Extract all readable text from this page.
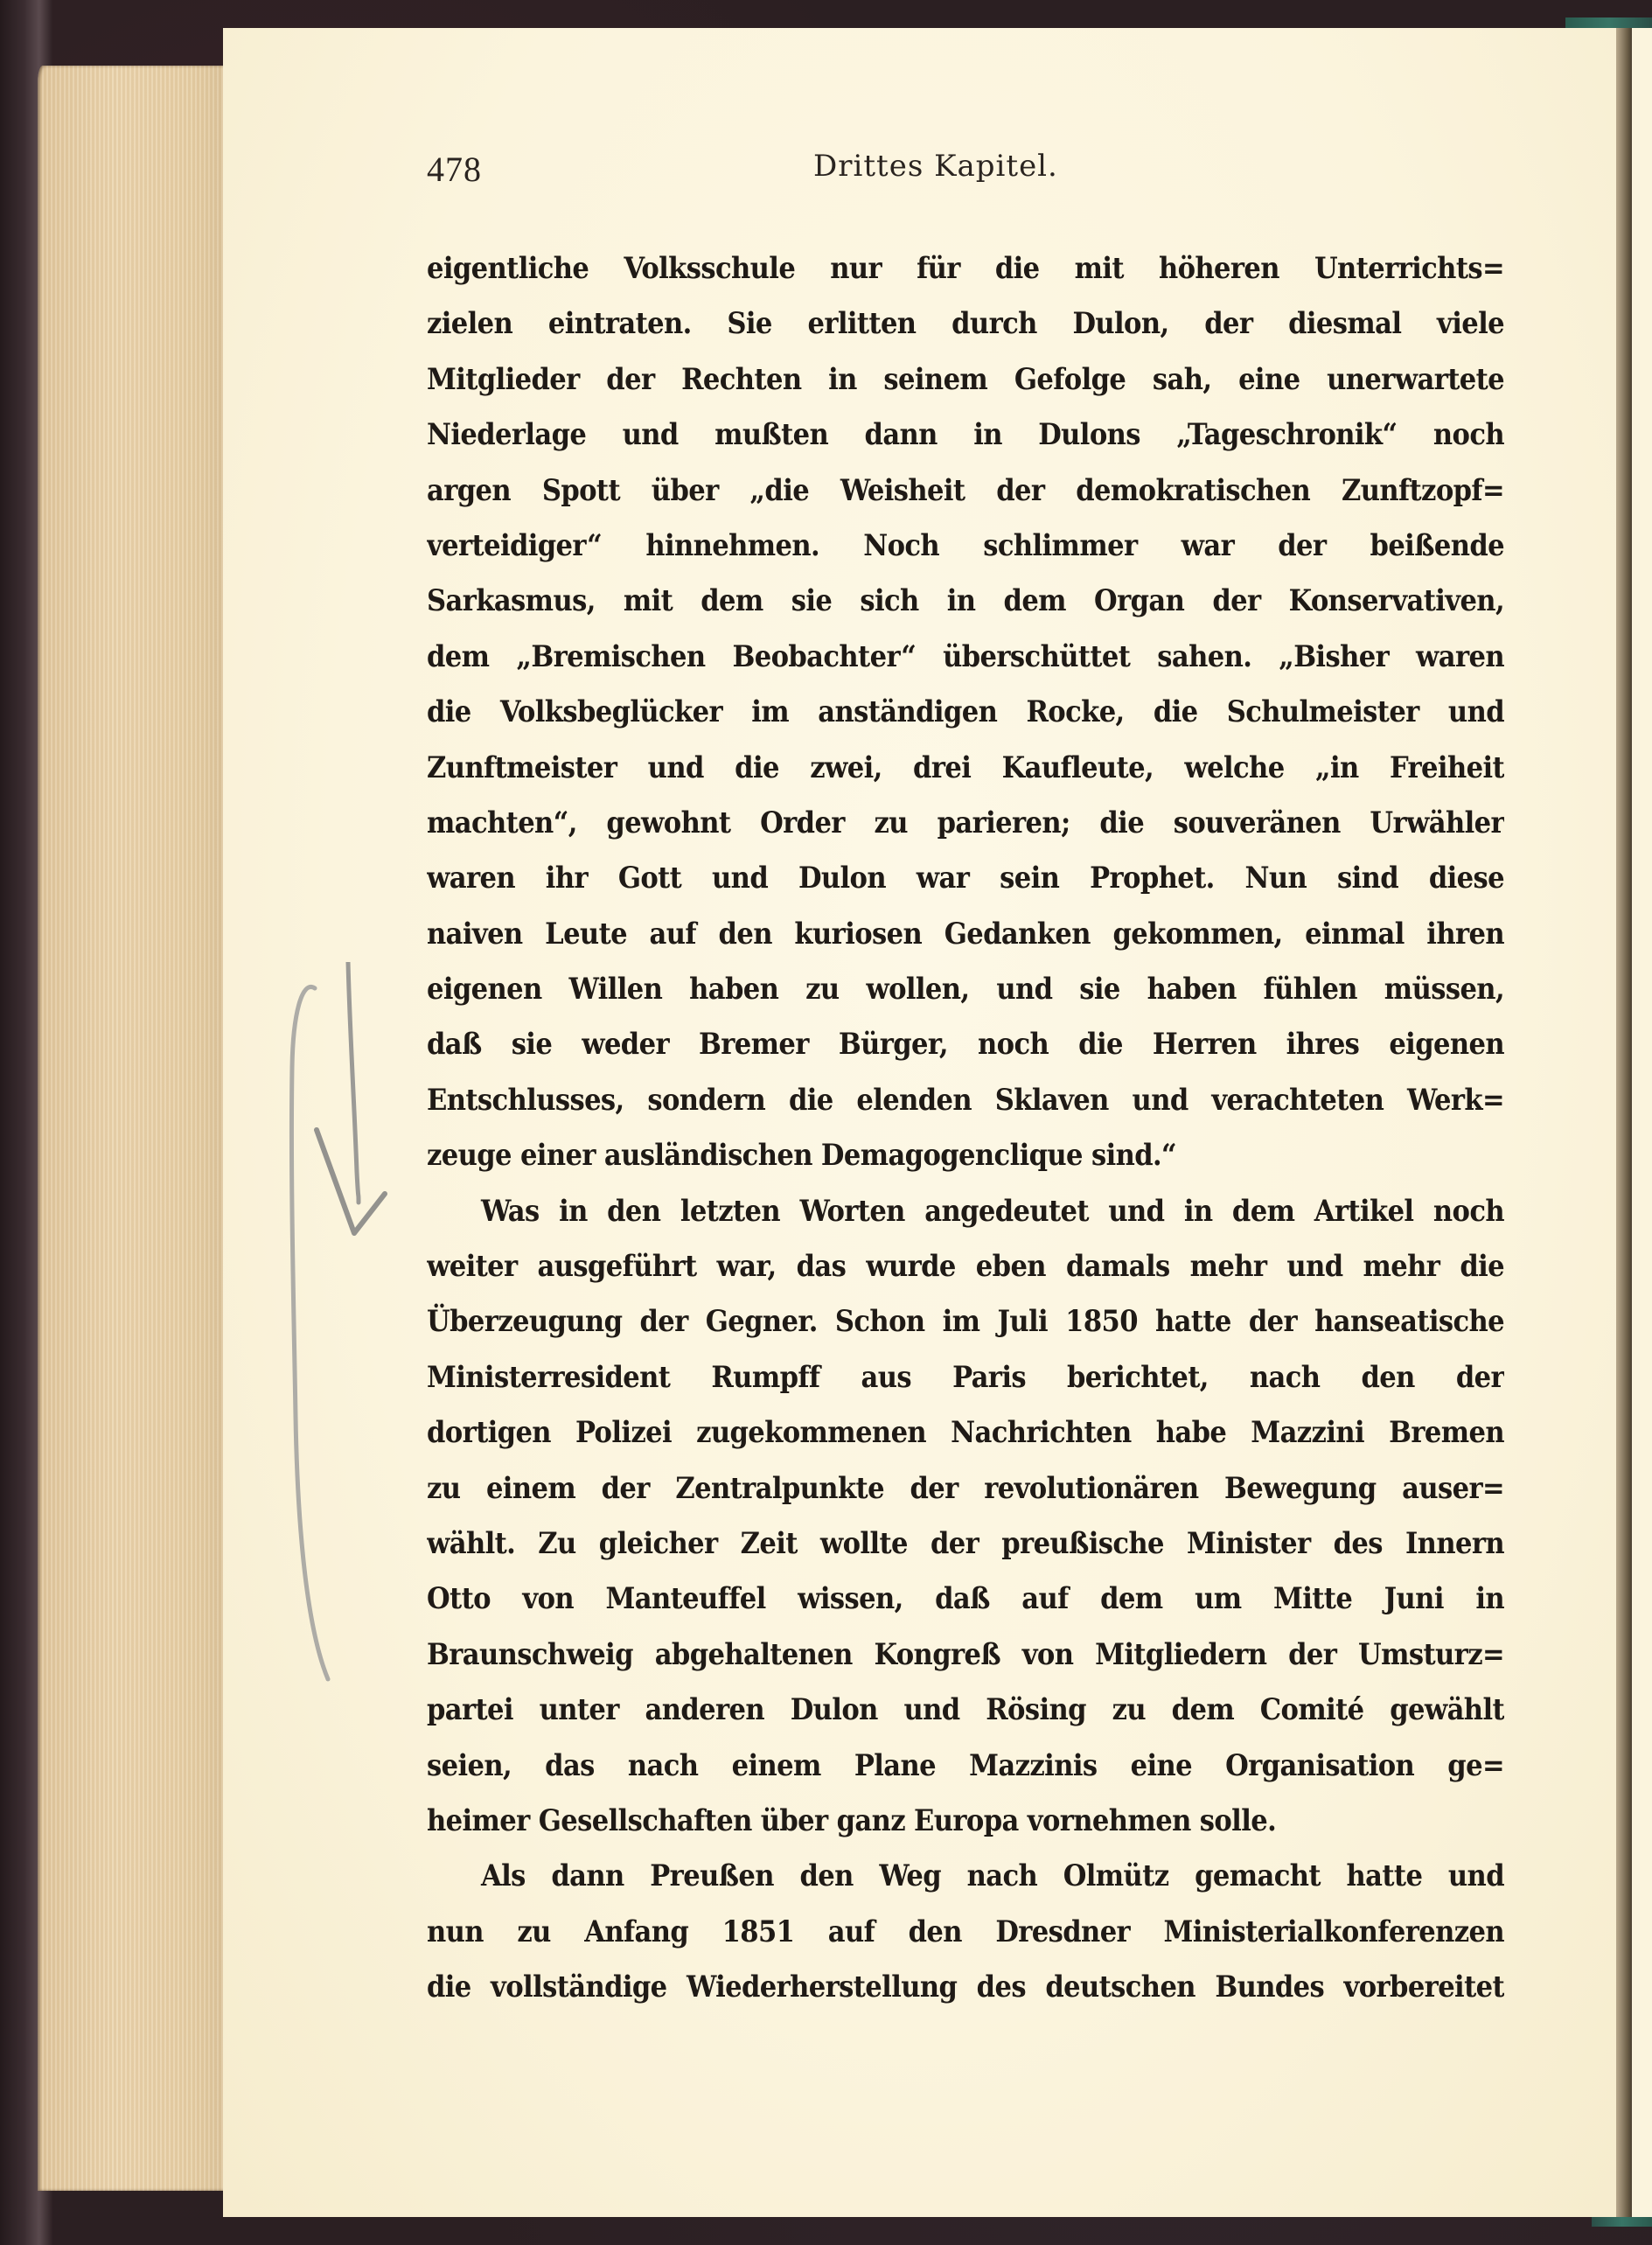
478	Drittes Kapitel.
eigentliche Volksschule nur für die mit höheren Unterrichts=
zielen eintraten. Sie erlitten durch Dulon, der diesmal viele
Mitglieder der Rechten in seinem Gefolge sah, eine unerwartete
Niederlage und mußten dann in Dulons „Tageschronik“ noch
argen Spott über „die Weisheit der demokratischen Zunftzopf=
verteidiger“ hinnehmen. Noch schlimmer war der beißende
Sarkasmus, mit dem sie sich in dem Organ der Konservativen,
dem „Bremischen Beobachter“ überschüttet sahen. „Bisher waren
die Volksbeglücker im anständigen Rocke, die Schulmeister und
Zunftmeister und die zwei, drei Kaufleute, welche „in Freiheit
machten“, gewohnt Order zu parieren; die souveränen Urwähler
waren ihr Gott und Dulon war sein Prophet. Nun sind diese
naiven Leute auf den kuriosen Gedanken gekommen, einmal ihren
eigenen Willen haben zu wollen, und sie haben fühlen müssen,
daß sie weder Bremer Bürger, noch die Herren ihres eigenen
Entschlusses, sondern die elenden Sklaven und verachteten Werk=
zeuge einer ausländischen Demagogenclique sind.“
Was in den letzten Worten angedeutet und in dem Artikel noch
weiter ausgeführt war, das wurde eben damals mehr und mehr die
Überzeugung der Gegner. Schon im Juli 1850 hatte der hanseatische
Ministerresident Rumpff aus Paris berichtet, nach den der
dortigen Polizei zugekommenen Nachrichten habe Mazzini Bremen
zu einem der Zentralpunkte der revolutionären Bewegung auser=
wählt. Zu gleicher Zeit wollte der preußische Minister des Innern
Otto von Manteuffel wissen, daß auf dem um Mitte Juni in
Braunschweig abgehaltenen Kongreß von Mitgliedern der Umsturz=
partei unter anderen Dulon und Rösing zu dem Comité gewählt
seien, das nach einem Plane Mazzinis eine Organisation ge=
heimer Gesellschaften über ganz Europa vornehmen solle.
Als dann Preußen den Weg nach Olmütz gemacht hatte und
nun zu Anfang 1851 auf den Dresdner Ministerialkonferenzen
die vollständige Wiederherstellung des deutschen Bundes vorbereitet
